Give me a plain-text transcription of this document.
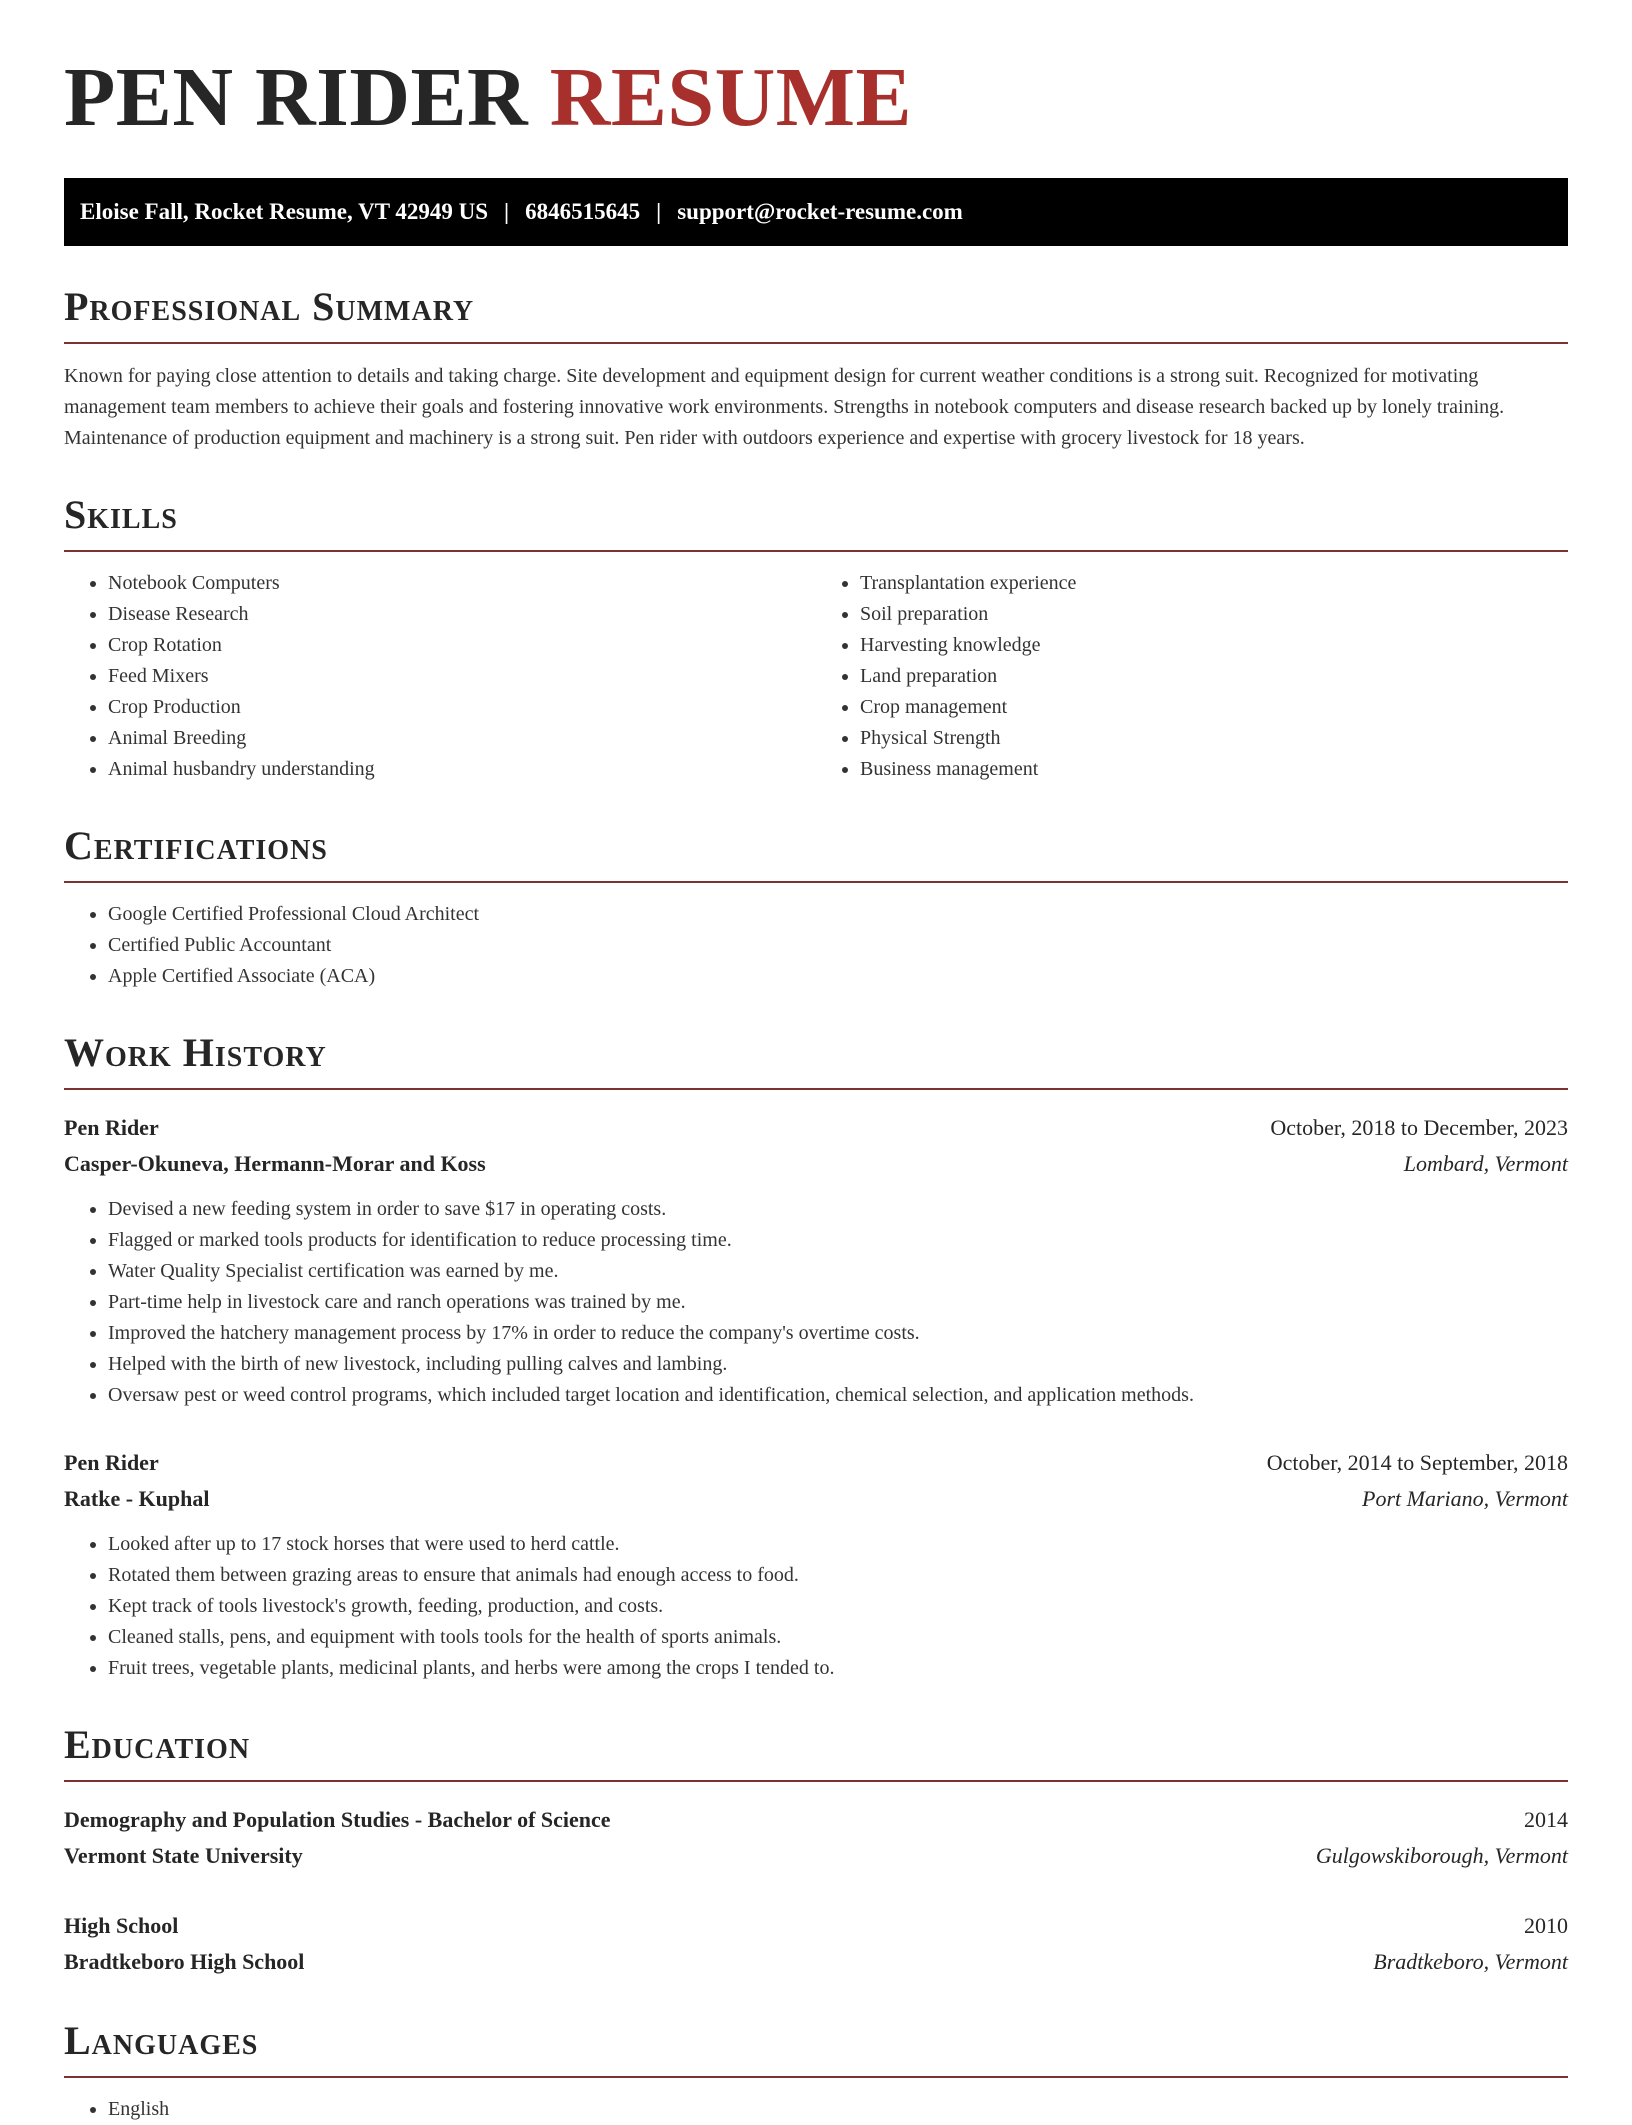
PEN RIDER RESUME
Eloise Fall, Rocket Resume, VT 42949 US | 6846515645 | support@rocket-resume.com
Professional Summary

Known for paying close attention to details and taking charge. Site development and equipment design for current weather conditions is a strong suit. Recognized for motivating management team members to achieve their goals and fostering innovative work environments. Strengths in notebook computers and disease research backed up by lonely training. Maintenance of production equipment and machinery is a strong suit. Pen rider with outdoors experience and expertise with grocery livestock for 18 years.

Skills
• Notebook Computers
• Disease Research
• Crop Rotation
• Feed Mixers
• Crop Production
• Animal Breeding
• Animal husbandry understanding
• Transplantation experience
• Soil preparation
• Harvesting knowledge
• Land preparation
• Crop management
• Physical Strength
• Business management
Certifications
• Google Certified Professional Cloud Architect
• Certified Public Accountant
• Apple Certified Associate (ACA)
Work History
Pen Rider	October, 2018 to December, 2023
Casper-Okuneva, Hermann-Morar and Koss	Lombard, Vermont
• Devised a new feeding system in order to save $17 in operating costs.
• Flagged or marked tools products for identification to reduce processing time.
• Water Quality Specialist certification was earned by me.
• Part-time help in livestock care and ranch operations was trained by me.
• Improved the hatchery management process by 17% in order to reduce the company's overtime costs.
• Helped with the birth of new livestock, including pulling calves and lambing.
• Oversaw pest or weed control programs, which included target location and identification, chemical selection, and application methods.
Pen Rider	October, 2014 to September, 2018
Ratke - Kuphal	Port Mariano, Vermont
• Looked after up to 17 stock horses that were used to herd cattle.
• Rotated them between grazing areas to ensure that animals had enough access to food.
• Kept track of tools livestock's growth, feeding, production, and costs.
• Cleaned stalls, pens, and equipment with tools tools for the health of sports animals.
• Fruit trees, vegetable plants, medicinal plants, and herbs were among the crops I tended to.
Education
Demography and Population Studies - Bachelor of Science	2014
Vermont State University	Gulgowskiborough, Vermont
High School	2010
Bradtkeboro High School	Bradtkeboro, Vermont
Languages
• English
